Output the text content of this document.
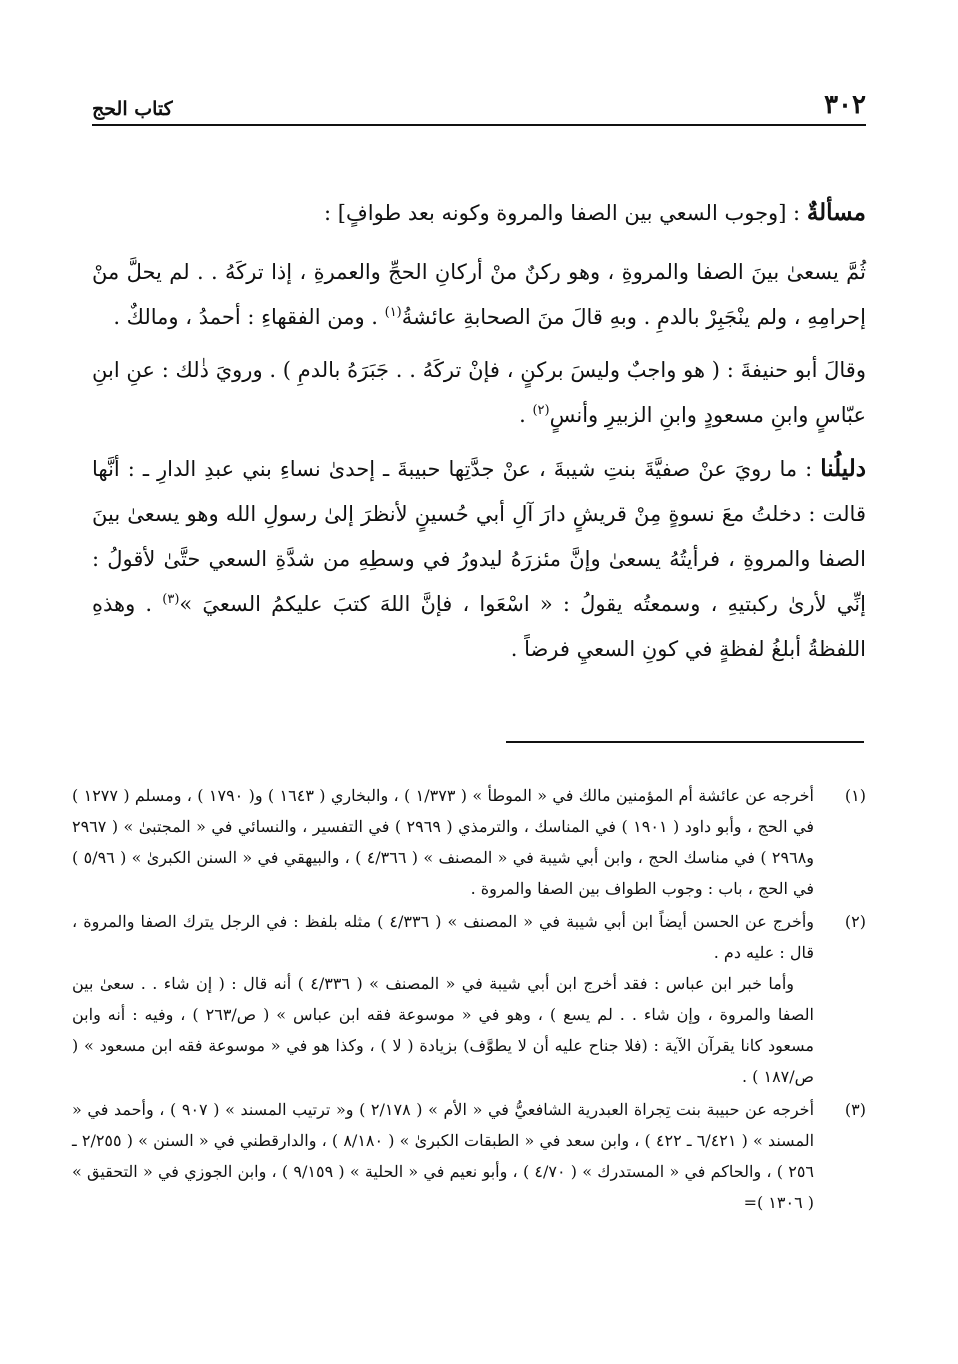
٣٠٢
كتاب الحج

مسألةٌ : [وجوب السعي بين الصفا والمروة وكونه بعد طوافٍ] :

ثُمَّ يسعىٰ بينَ الصفا والمروةِ ، وهو ركنٌ منْ أركانِ الحجِّ والعمرةِ ، إذا تركَهُ . . لم يحلَّ منْ إحرامِهِ ، ولم ينْجَبِرْ بالدمِ . وبهِ قالَ منَ الصحابةِ عائشةُ$^{(١)}$ . ومن الفقهاءِ : أحمدُ ، ومالكٌ .

وقالَ أبو حنيفةَ : ( هو واجبٌ وليسَ بركنٍ ، فإنْ تركَهُ . . جَبَرَهُ بالدمِ ) . ورويَ ذٰلك : عنِ ابنِ عبّاسٍ وابنِ مسعودٍ وابنِ الزبيرِ وأنسٍ$^{(٢)}$ .

دليلُنا : ما رويَ عنْ صفيَّةَ بنتِ شيبةَ ، عنْ جدَّتِها حبيبةَ ـ إحدىٰ نساءِ بني عبدِ الدارِ ـ : أنَّها قالت : دخلتُ معَ نسوةٍ مِنْ قريشٍ دارَ آلِ أبي حُسينٍ لأنظرَ إلىٰ رسولِ الله وهو يسعىٰ بينَ الصفا والمروةِ ، فرأيتُهُ يسعىٰ وإنَّ مئزرَهُ ليدورُ في وسطِهِ من شدَّةِ السعي حتَّىٰ لأقولُ : إنِّي لأرىٰ ركبتيهِ ، وسمعتُه يقولُ : « اسْعَوا ، فإنَّ اللهَ كتبَ عليكمُ السعيَ »$^{(٣)}$ . وهذهِ اللفظةُ أبلغُ لفظةٍ في كونِ السعيِ فرضاً .

(١)

أخرجه عن عائشة أم المؤمنين مالك في « الموطأ » ( ١/٣٧٣ ) ، والبخاري ( ١٦٤٣ ) و( ١٧٩٠ ) ، ومسلم ( ١٢٧٧ ) في الحج ، وأبو داود ( ١٩٠١ ) في المناسك ، والترمذي ( ٢٩٦٩ ) في التفسير ، والنسائي في « المجتبىٰ » ( ٢٩٦٧ و٢٩٦٨ ) في مناسك الحج ، وابن أبي شيبة في « المصنف » ( ٤/٣٦٦ ) ، والبيهقي في « السنن الكبرىٰ » ( ٥/٩٦ ) في الحج ، باب : وجوب الطواف بين الصفا والمروة .

(٢)

وأخرج عن الحسن أيضاً ابن أبي شيبة في « المصنف » ( ٤/٣٣٦ ) مثله بلفظ : في الرجل يترك الصفا والمروة ، قال : عليه دم .

وأما خبر ابن عباس : فقد أخرج ابن أبي شيبة في « المصنف » ( ٤/٣٣٦ ) أنه قال : ( إن شاء . . سعىٰ بين الصفا والمروة ، وإن شاء . . لم يسع ) ، وهو في « موسوعة فقه ابن عباس » ( ص/٢٦٣ ) ، وفيه : أنه وابن مسعود كانا يقرآن الآية : (فلا جناح عليه أن لا يطوَّف) بزيادة ( لا ) ، وكذا هو في « موسوعة فقه ابن مسعود » ( ص/١٨٧ ) .

(٣)

أخرجه عن حبيبة بنت تِجراة العبدرية الشافعيُّ في « الأم » ( ٢/١٧٨ ) و« ترتيب المسند » ( ٩٠٧ ) ، وأحمد في « المسند » ( ٦/٤٢١ ـ ٤٢٢ ) ، وابن سعد في « الطبقات الكبرىٰ » ( ٨/١٨٠ ) ، والدارقطني في « السنن » ( ٢/٢٥٥ ـ ٢٥٦ ) ، والحاكم في « المستدرك » ( ٤/٧٠ ) ، وأبو نعيم في « الحلية » ( ٩/١٥٩ ) ، وابن الجوزي في « التحقيق » ( ١٣٠٦ )=
